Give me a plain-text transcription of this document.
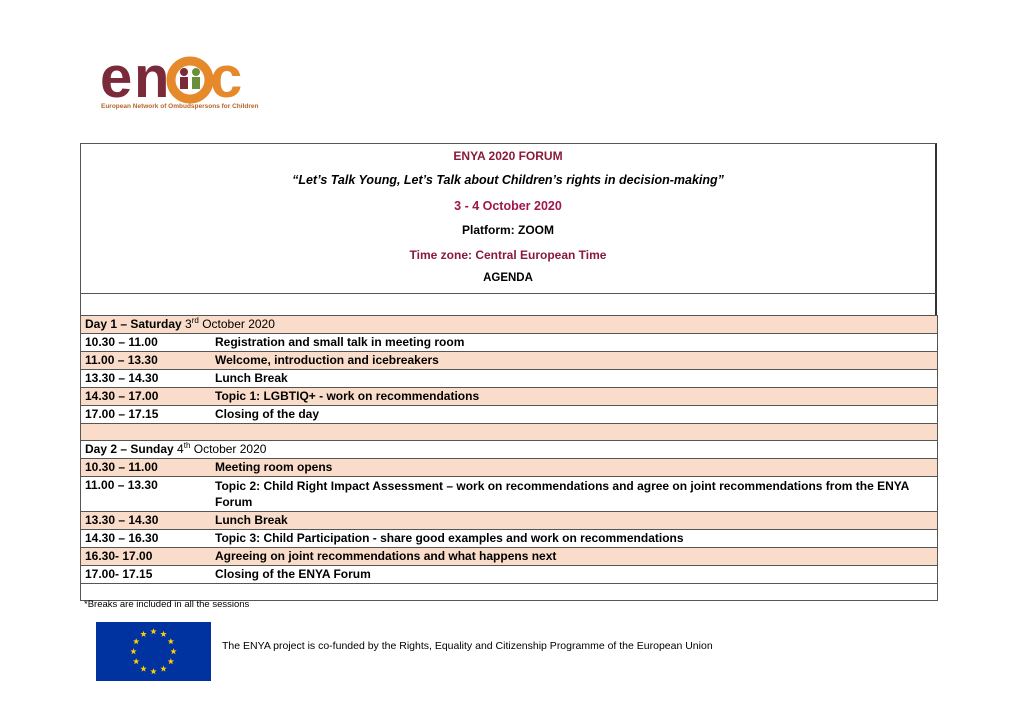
e n c
European Network of Ombudspersons for Children
ENYA 2020 FORUM
“Let’s Talk Young, Let’s Talk about Children’s rights in decision-making”
3 - 4 October 2020
Platform: ZOOM
Time zone: Central European Time
AGENDA
Day 1 – Saturday 3rd October 2020	
10.30 – 11.00	Registration and small talk in meeting room
11.00 – 13.30	Welcome, introduction and icebreakers
13.30 – 14.30	Lunch Break
14.30 – 17.00	Topic 1: LGBTIQ+ - work on recommendations
17.00 – 17.15	Closing of the day

Day 2 – Sunday 4th October 2020	
10.30 – 11.00	Meeting room opens
11.00 – 13.30	Topic 2: Child Right Impact Assessment – work on recommendations and agree on joint recommendations from the ENYA Forum
13.30 – 14.30	Lunch Break
14.30 – 16.30	Topic 3: Child Participation - share good examples and work on recommendations
16.30- 17.00	Agreeing on joint recommendations and what happens next
17.00- 17.15	Closing of the ENYA Forum

*Breaks are included in all the sessions
The ENYA project is co-funded by the Rights, Equality and Citizenship Programme of the European Union
